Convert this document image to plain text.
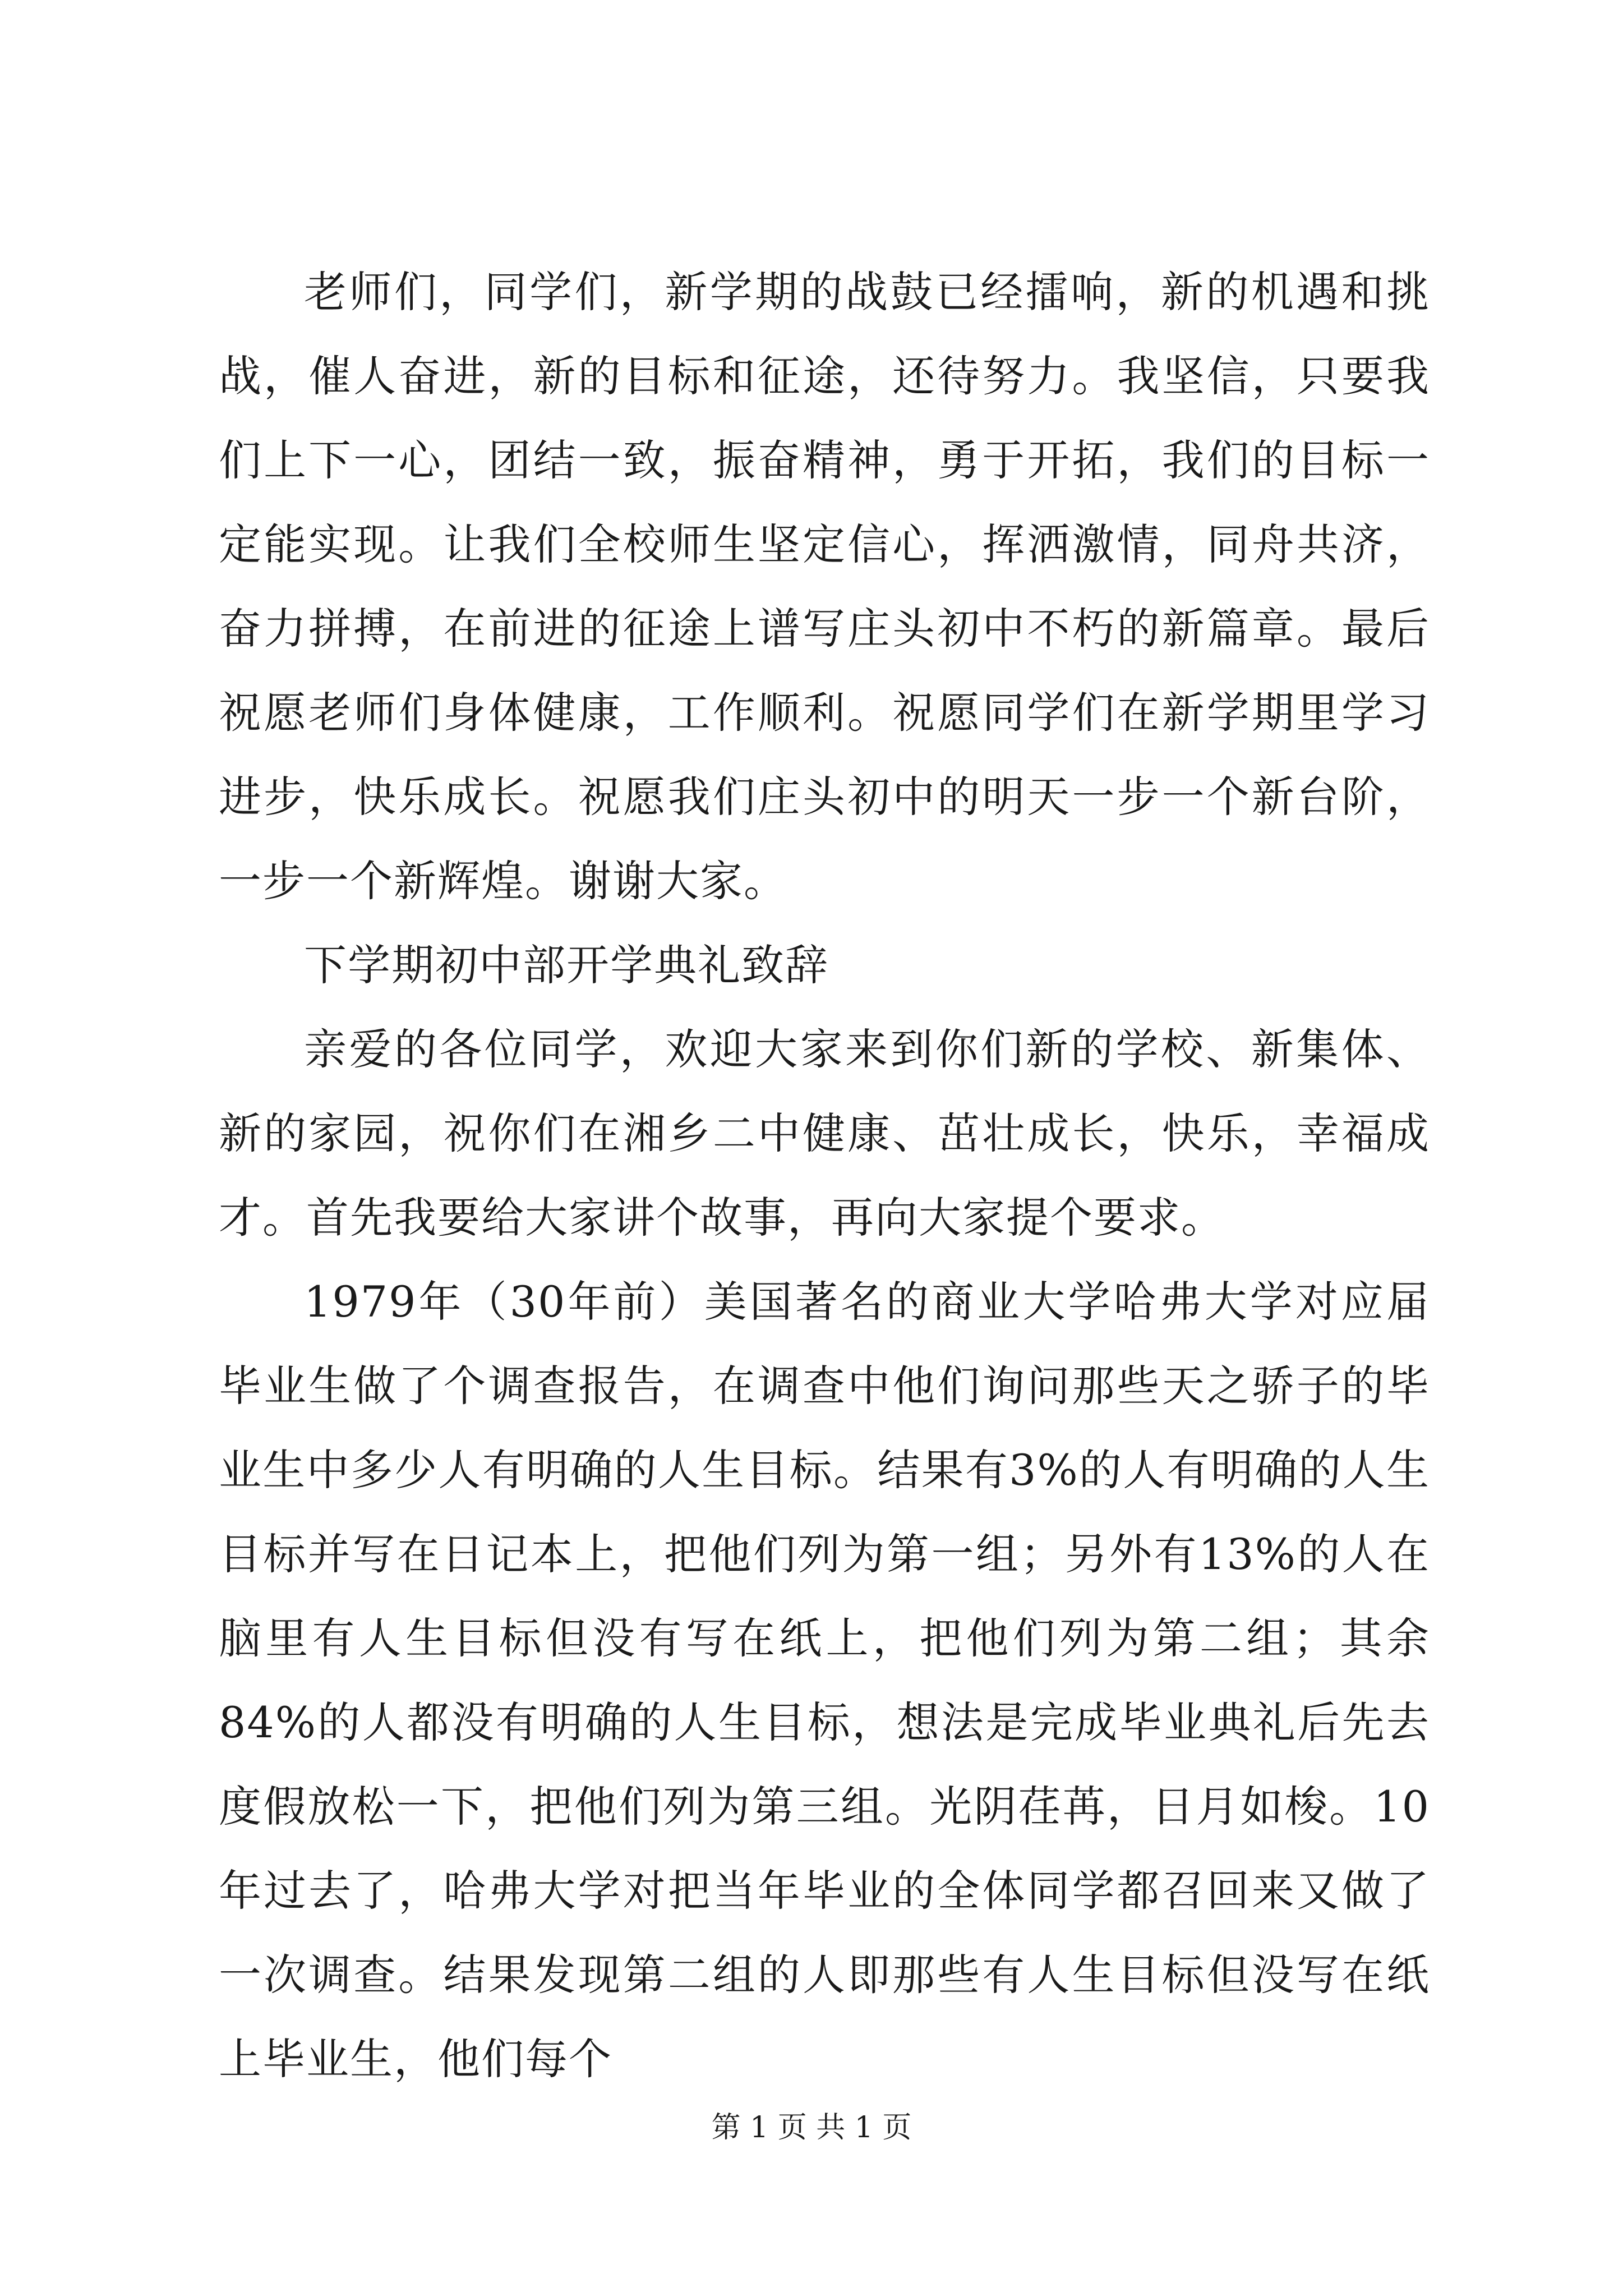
老师们，同学们，新学期的战鼓已经擂响，新的机遇和挑战，催人奋进，新的目标和征途，还待努力。我坚信，只要我们上下一心，团结一致，振奋精神，勇于开拓，我们的目标一定能实现。让我们全校师生坚定信心，挥洒激情，同舟共济，奋力拼搏，在前进的征途上谱写庄头初中不朽的新篇章。最后祝愿老师们身体健康，工作顺利。祝愿同学们在新学期里学习进步，快乐成长。祝愿我们庄头初中的明天一步一个新台阶，一步一个新辉煌。谢谢大家。

下学期初中部开学典礼致辞

亲爱的各位同学，欢迎大家来到你们新的学校、新集体、新的家园，祝你们在湘乡二中健康、茁壮成长，快乐，幸福成才。首先我要给大家讲个故事，再向大家提个要求。

1979年（30年前）美国著名的商业大学哈弗大学对应届毕业生做了个调查报告，在调查中他们询问那些天之骄子的毕业生中多少人有明确的人生目标。结果有3%的人有明确的人生目标并写在日记本上，把他们列为第一组；另外有13%的人在脑里有人生目标但没有写在纸上，把他们列为第二组；其余84%的人都没有明确的人生目标，想法是完成毕业典礼后先去度假放松一下，把他们列为第三组。光阴荏苒，日月如梭。10年过去了，哈弗大学对把当年毕业的全体同学都召回来又做了一次调查。结果发现第二组的人即那些有人生目标但没写在纸上毕业生，他们每个

第 1 页 共 1 页
